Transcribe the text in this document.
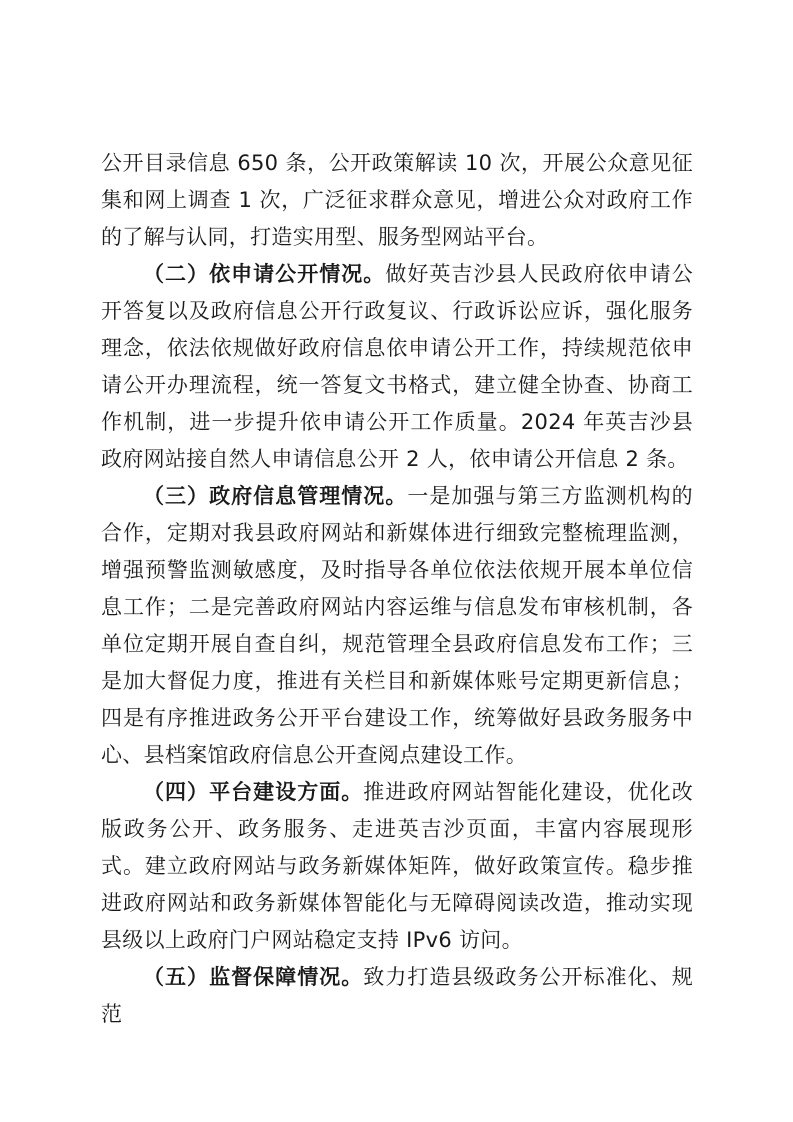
公开目录信息 650 条，公开政策解读 10 次，开展公众意见征集和网上调查 1 次，广泛征求群众意见，增进公众对政府工作的了解与认同，打造实用型、服务型网站平台。

（二）依申请公开情况。做好英吉沙县人民政府依申请公开答复以及政府信息公开行政复议、行政诉讼应诉，强化服务理念，依法依规做好政府信息依申请公开工作，持续规范依申请公开办理流程，统一答复文书格式，建立健全协查、协商工作机制，进一步提升依申请公开工作质量。2024 年英吉沙县政府网站接自然人申请信息公开 2 人，依申请公开信息 2 条。

（三）政府信息管理情况。一是加强与第三方监测机构的合作，定期对我县政府网站和新媒体进行细致完整梳理监测，增强预警监测敏感度，及时指导各单位依法依规开展本单位信息工作；二是完善政府网站内容运维与信息发布审核机制，各单位定期开展自查自纠，规范管理全县政府信息发布工作；三是加大督促力度，推进有关栏目和新媒体账号定期更新信息；四是有序推进政务公开平台建设工作，统筹做好县政务服务中心、县档案馆政府信息公开查阅点建设工作。

（四）平台建设方面。推进政府网站智能化建设，优化改版政务公开、政务服务、走进英吉沙页面，丰富内容展现形式。建立政府网站与政务新媒体矩阵，做好政策宣传。稳步推进政府网站和政务新媒体智能化与无障碍阅读改造，推动实现县级以上政府门户网站稳定支持 IPv6 访问。

（五）监督保障情况。致力打造县级政务公开标准化、规范
